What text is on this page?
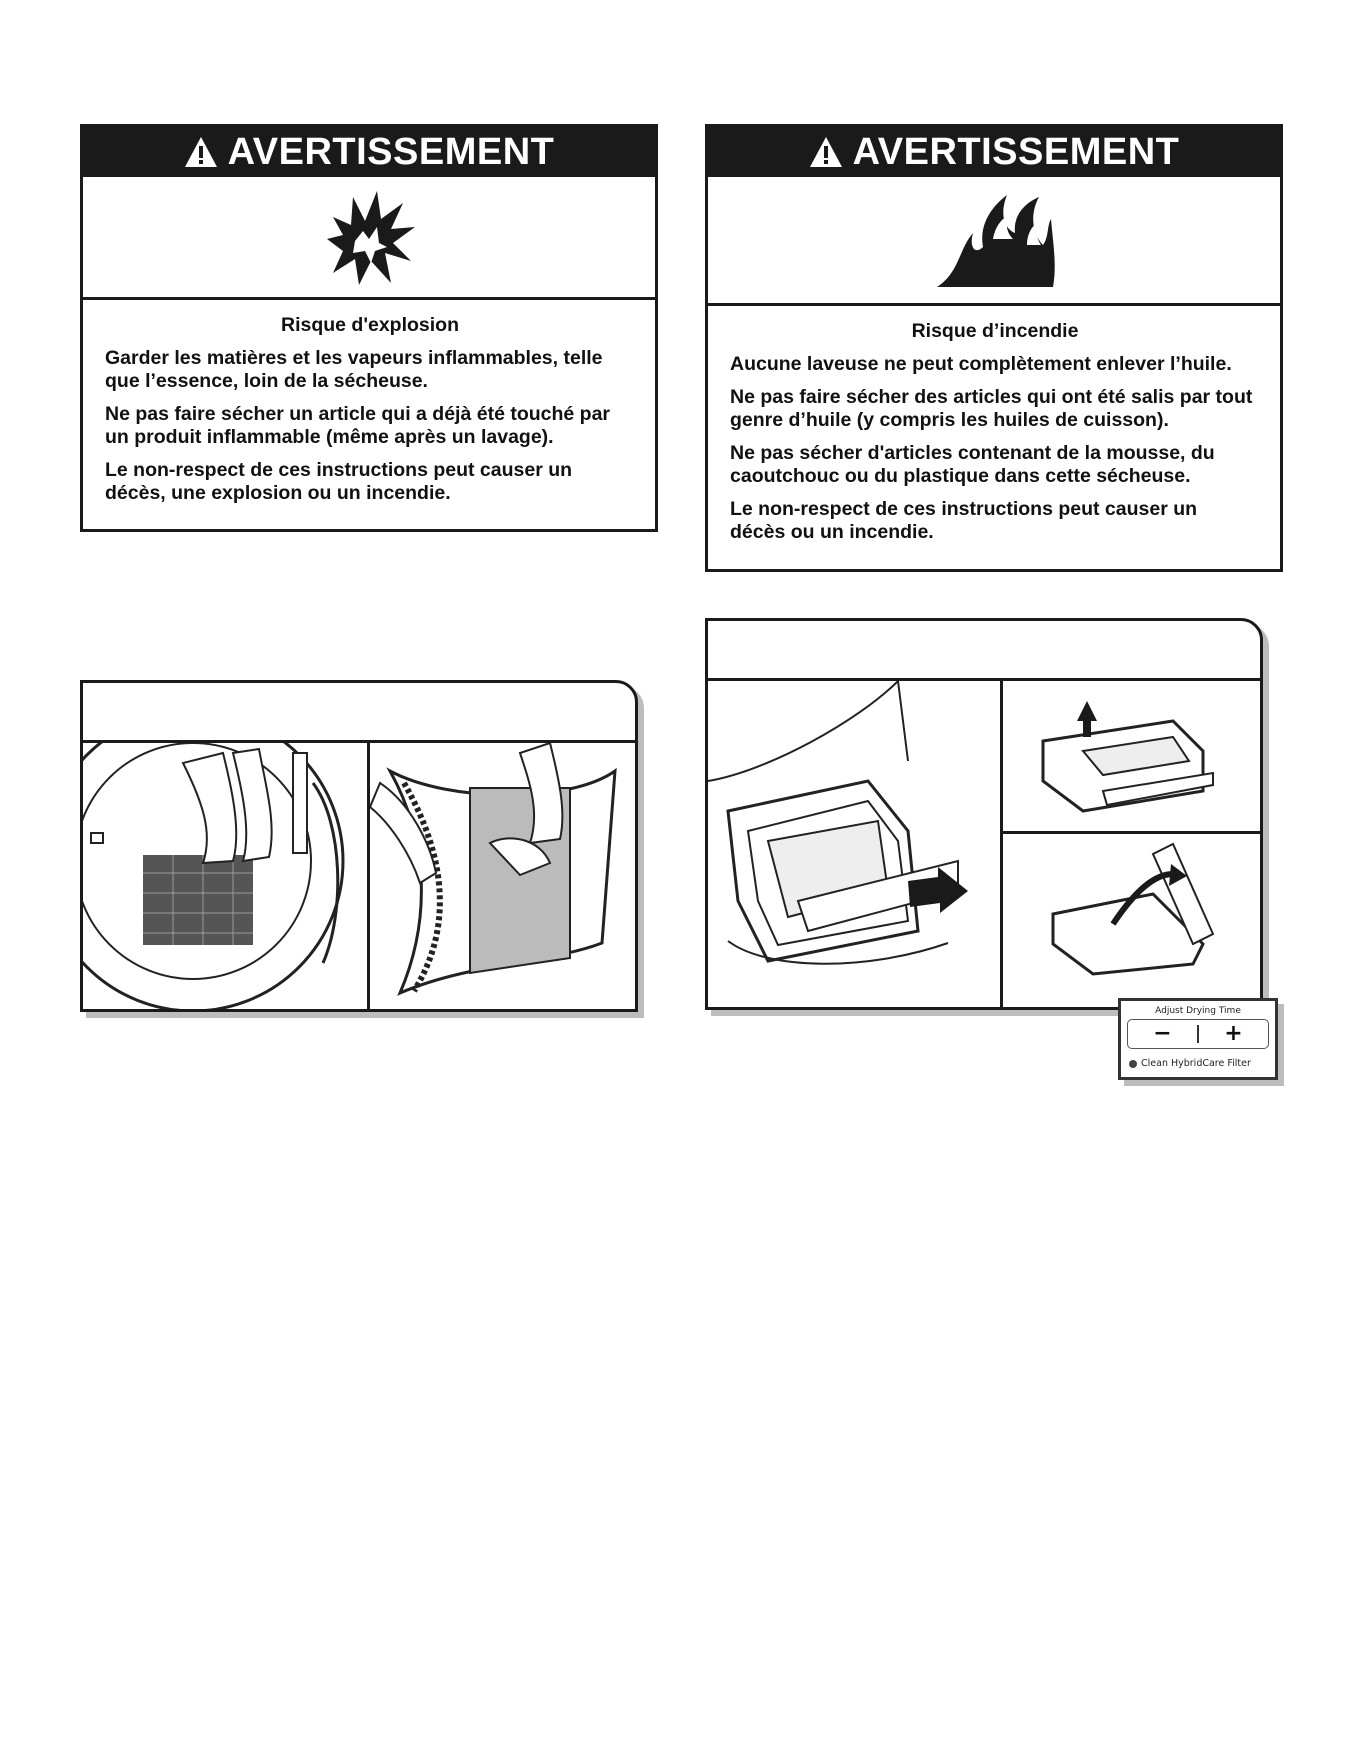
AVERTISSEMENT
Risque d'explosion

Garder les matières et les vapeurs inflammables, telle que l’essence, loin de la sécheuse.

Ne pas faire sécher un article qui a déjà été touché par un produit inflammable (même après un lavage).

Le non-respect de ces instructions peut causer un décès, une explosion ou un incendie.

AVERTISSEMENT
Risque d’incendie

Aucune laveuse ne peut complètement enlever l’huile.

Ne pas faire sécher des articles qui ont été salis par tout genre d’huile (y compris les huiles de cuisson).

Ne pas sécher d'articles contenant de la mousse, du caoutchouc ou du plastique dans cette sécheuse.

Le non-respect de ces instructions peut causer un décès ou un incendie.

Adjust Drying Time
−	+
Clean HybridCare Filter
